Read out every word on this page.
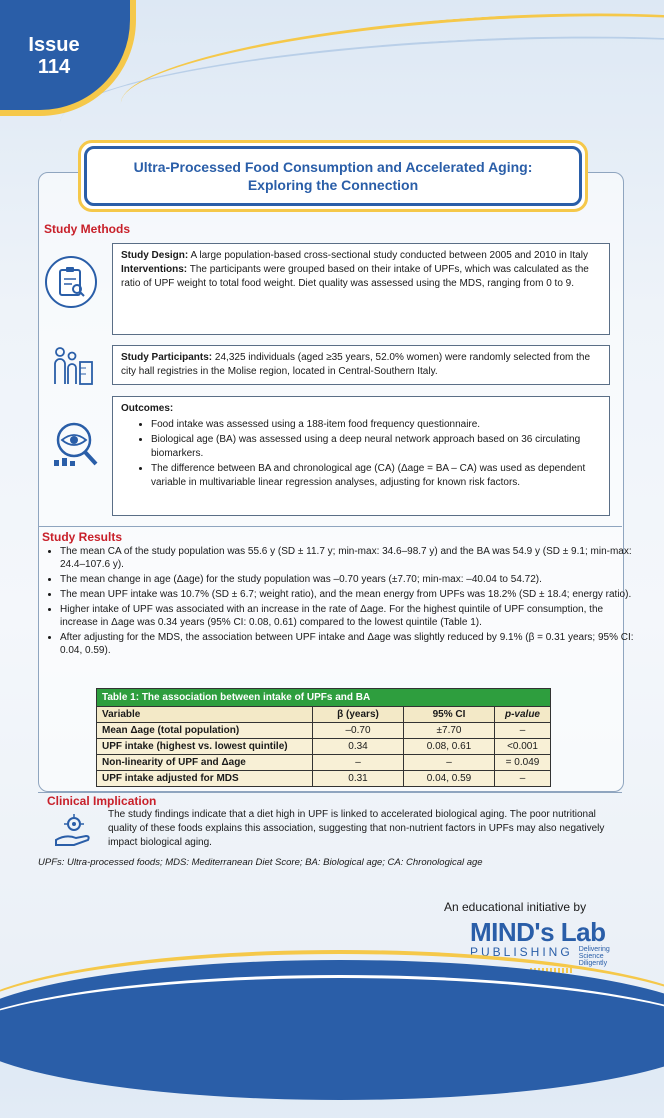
Issue
114
Ultra-Processed Food Consumption and Accelerated Aging: Exploring the Connection
Study Methods
Study Design: A large population-based cross-sectional study conducted between 2005 and 2010 in Italy
Interventions: The participants were grouped based on their intake of UPFs, which was calculated as the ratio of UPF weight to total food weight. Diet quality was assessed using the MDS, ranging from 0 to 9.
Study Participants: 24,325 individuals (aged ≥35 years, 52.0% women) were randomly selected from the city hall registries in the Molise region, located in Central-Southern Italy.
Outcomes:
• Food intake was assessed using a 188-item food frequency questionnaire.
• Biological age (BA) was assessed using a deep neural network approach based on 36 circulating biomarkers.
• The difference between BA and chronological age (CA) (Δage = BA – CA) was used as dependent variable in multivariable linear regression analyses, adjusting for known risk factors.
Study Results
• The mean CA of the study population was 55.6 y (SD ± 11.7 y; min-max: 34.6–98.7 y) and the BA was 54.9 y (SD ± 9.1; min-max: 24.4–107.6 y).
• The mean change in age (Δage) for the study population was –0.70 years (±7.70; min-max: –40.04 to 54.72).
• The mean UPF intake was 10.7% (SD ± 6.7; weight ratio), and the mean energy from UPFs was 18.2% (SD ± 18.4; energy ratio).
• Higher intake of UPF was associated with an increase in the rate of Δage. For the highest quintile of UPF consumption, the increase in Δage was 0.34 years (95% CI: 0.08, 0.61) compared to the lowest quintile (Table 1).
• After adjusting for the MDS, the association between UPF intake and Δage was slightly reduced by 9.1% (β = 0.31 years; 95% CI: 0.04, 0.59).
Table 1: The association between intake of UPFs and BA			
Variable	β (years)	95% CI	p-value
Mean Δage (total population)	–0.70	±7.70	–
UPF intake (highest vs. lowest quintile)	0.34	0.08, 0.61	<0.001
Non-linearity of UPF and Δage	–	–	= 0.049
UPF intake adjusted for MDS	0.31	0.04, 0.59	–
Clinical Implication
The study findings indicate that a diet high in UPF is linked to accelerated biological aging. The poor nutritional quality of these foods explains this association, suggesting that non-nutrient factors in UPFs may also negatively impact biological aging.
UPFs: Ultra-processed foods; MDS: Mediterranean Diet Score; BA: Biological age; CA: Chronological age
An educational initiative by
MIND's Lab
PUBLISHING Delivering
Science
Diligently
